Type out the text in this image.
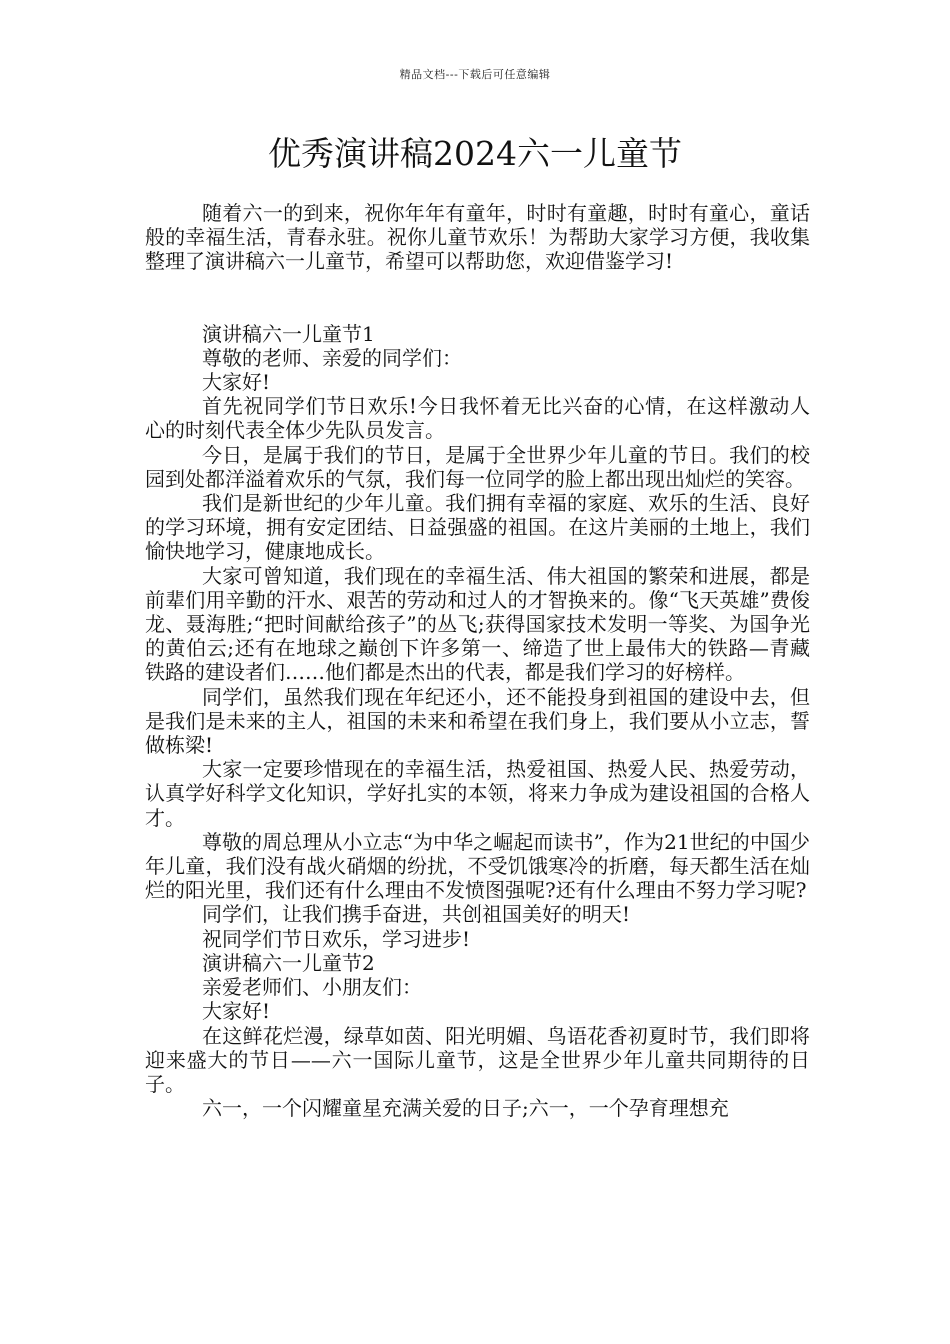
精品文档---下载后可任意编辑
优秀演讲稿2024六一儿童节

随着六一的到来，祝你年年有童年，时时有童趣，时时有童心，童话般的幸福生活，青春永驻。祝你儿童节欢乐！为帮助大家学习方便，我收集整理了演讲稿六一儿童节，希望可以帮助您，欢迎借鉴学习!

演讲稿六一儿童节1

尊敬的老师、亲爱的同学们：

大家好!

首先祝同学们节日欢乐!今日我怀着无比兴奋的心情，在这样激动人心的时刻代表全体少先队员发言。

今日，是属于我们的节日，是属于全世界少年儿童的节日。我们的校园到处都洋溢着欢乐的气氛，我们每一位同学的脸上都出现出灿烂的笑容。

我们是新世纪的少年儿童。我们拥有幸福的家庭、欢乐的生活、良好的学习环境，拥有安定团结、日益强盛的祖国。在这片美丽的土地上，我们愉快地学习，健康地成长。

大家可曾知道，我们现在的幸福生活、伟大祖国的繁荣和进展，都是前辈们用辛勤的汗水、艰苦的劳动和过人的才智换来的。像“飞天英雄”费俊龙、聂海胜;“把时间献给孩子”的丛飞;获得国家技术发明一等奖、为国争光的黄伯云;还有在地球之巅创下许多第一、缔造了世上最伟大的铁路—青藏铁路的建设者们……他们都是杰出的代表，都是我们学习的好榜样。

同学们，虽然我们现在年纪还小，还不能投身到祖国的建设中去，但是我们是未来的主人，祖国的未来和希望在我们身上，我们要从小立志，誓做栋梁!

大家一定要珍惜现在的幸福生活，热爱祖国、热爱人民、热爱劳动，认真学好科学文化知识，学好扎实的本领，将来力争成为建设祖国的合格人才。

尊敬的周总理从小立志“为中华之崛起而读书”，作为21世纪的中国少年儿童，我们没有战火硝烟的纷扰，不受饥饿寒冷的折磨，每天都生活在灿烂的阳光里，我们还有什么理由不发愤图强呢?还有什么理由不努力学习呢?

同学们，让我们携手奋进，共创祖国美好的明天!

祝同学们节日欢乐，学习进步!

演讲稿六一儿童节2

亲爱老师们、小朋友们：

大家好!

在这鲜花烂漫，绿草如茵、阳光明媚、鸟语花香初夏时节，我们即将迎来盛大的节日——六一国际儿童节，这是全世界少年儿童共同期待的日子。

六一，一个闪耀童星充满关爱的日子;六一，一个孕育理想充
